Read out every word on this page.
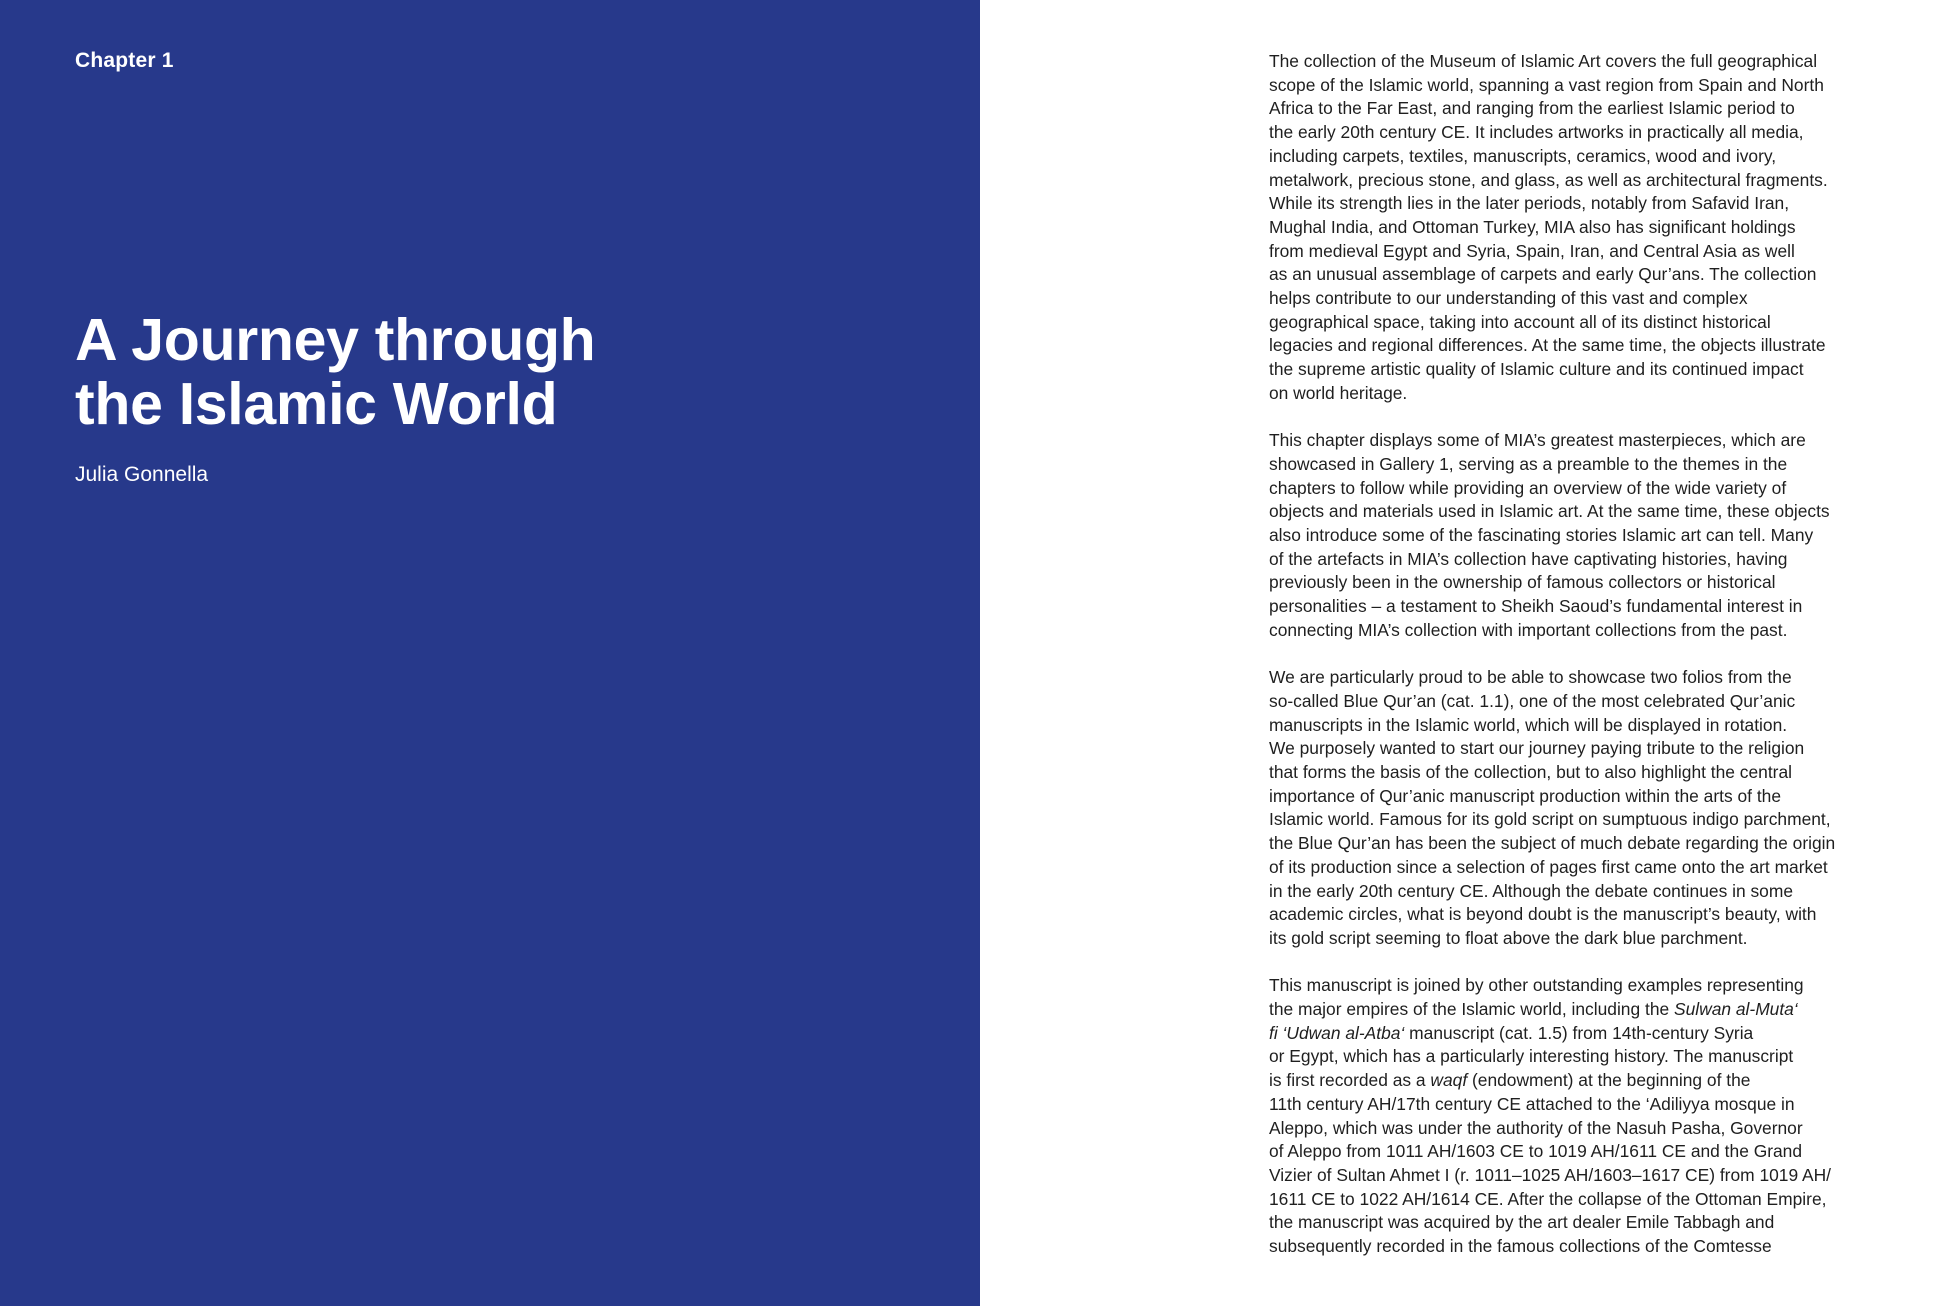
Chapter 1
A Journey through
the Islamic World
Julia Gonnella

The collection of the Museum of Islamic Art covers the full geographical
scope of the Islamic world, spanning a vast region from Spain and North
Africa to the Far East, and ranging from the earliest Islamic period to
the early 20th century CE. It includes artworks in practically all media,
including carpets, textiles, manuscripts, ceramics, wood and ivory,
metalwork, precious stone, and glass, as well as architectural fragments.
While its strength lies in the later periods, notably from Safavid Iran,
Mughal India, and Ottoman Turkey, MIA also has significant holdings
from medieval Egypt and Syria, Spain, Iran, and Central Asia as well
as an unusual assemblage of carpets and early Qur’ans. The collection
helps contribute to our understanding of this vast and complex
geographical space, taking into account all of its distinct historical
legacies and regional differences. At the same time, the objects illustrate
the supreme artistic quality of Islamic culture and its continued impact
on world heritage.

This chapter displays some of MIA’s greatest masterpieces, which are
showcased in Gallery 1, serving as a preamble to the themes in the
chapters to follow while providing an overview of the wide variety of
objects and materials used in Islamic art. At the same time, these objects
also introduce some of the fascinating stories Islamic art can tell. Many
of the artefacts in MIA’s collection have captivating histories, having
previously been in the ownership of famous collectors or historical
personalities – a testament to Sheikh Saoud’s fundamental interest in
connecting MIA’s collection with important collections from the past.

We are particularly proud to be able to showcase two folios from the
so-called Blue Qur’an (cat. 1.1), one of the most celebrated Qur’anic
manuscripts in the Islamic world, which will be displayed in rotation.
We purposely wanted to start our journey paying tribute to the religion
that forms the basis of the collection, but to also highlight the central
importance of Qur’anic manuscript production within the arts of the
Islamic world. Famous for its gold script on sumptuous indigo parchment,
the Blue Qur’an has been the subject of much debate regarding the origin
of its production since a selection of pages first came onto the art market
in the early 20th century CE. Although the debate continues in some
academic circles, what is beyond doubt is the manuscript’s beauty, with
its gold script seeming to float above the dark blue parchment.

This manuscript is joined by other outstanding examples representing
the major empires of the Islamic world, including the Sulwan al-Muta‘
fi ‘Udwan al-Atba‘ manuscript (cat. 1.5) from 14th-century Syria
or Egypt, which has a particularly interesting history. The manuscript
is first recorded as a waqf (endowment) at the beginning of the
11th century AH/17th century CE attached to the ‘Adiliyya mosque in
Aleppo, which was under the authority of the Nasuh Pasha, Governor
of Aleppo from 1011 AH/1603 CE to 1019 AH/1611 CE and the Grand
Vizier of Sultan Ahmet I (r. 1011–1025 AH/1603–1617 CE) from 1019 AH/
1611 CE to 1022 AH/1614 CE. After the collapse of the Ottoman Empire,
the manuscript was acquired by the art dealer Emile Tabbagh and
subsequently recorded in the famous collections of the Comtesse
